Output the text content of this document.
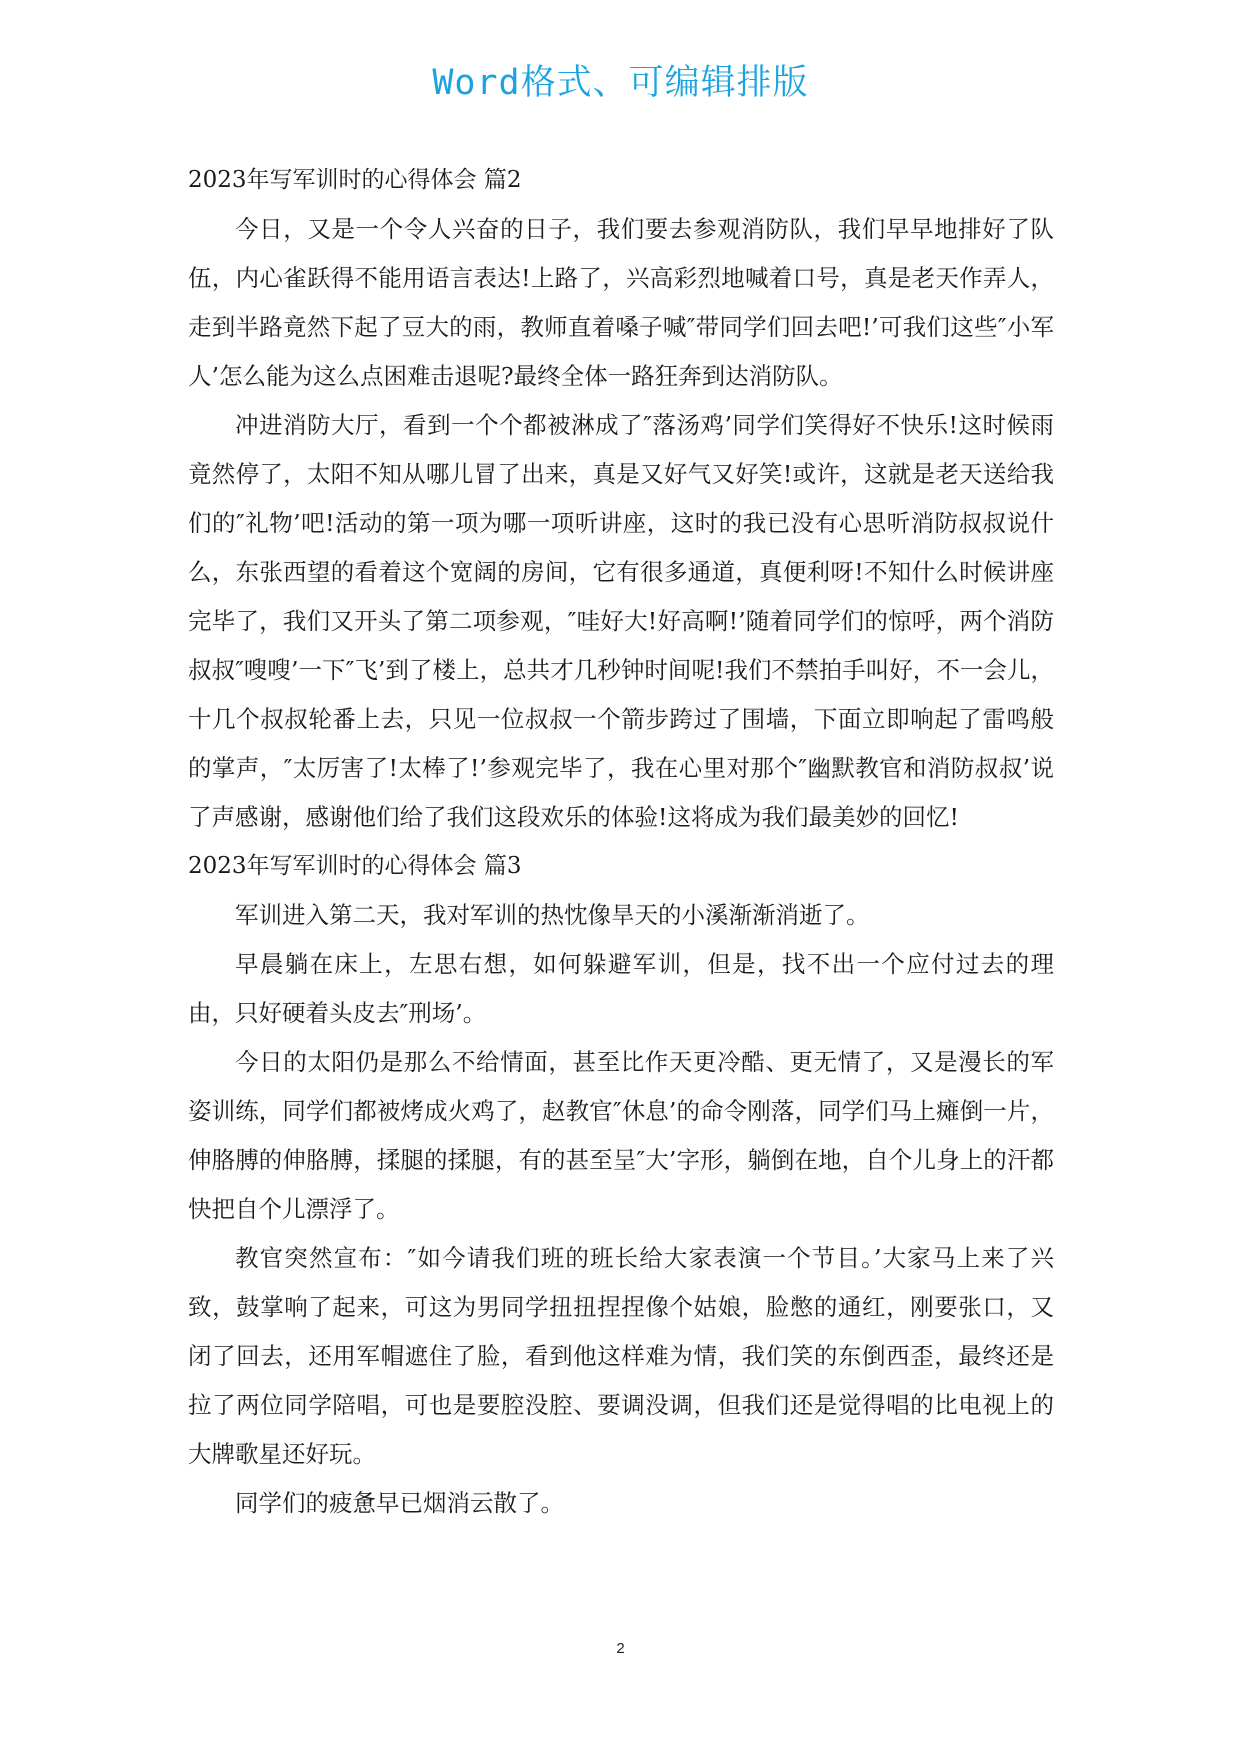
Word格式、可编辑排版
2023年写军训时的心得体会 篇2

今日，又是一个令人兴奋的日子，我们要去参观消防队，我们早早地排好了队伍，内心雀跃得不能用语言表达!上路了，兴高彩烈地喊着口号，真是老天作弄人，走到半路竟然下起了豆大的雨，教师直着嗓子喊″带同学们回去吧!’可我们这些″小军人’怎么能为这么点困难击退呢?最终全体一路狂奔到达消防队。

冲进消防大厅，看到一个个都被淋成了″落汤鸡’同学们笑得好不快乐!这时候雨竟然停了，太阳不知从哪儿冒了出来，真是又好气又好笑!或许，这就是老天送给我们的″礼物’吧!活动的第一项为哪一项听讲座，这时的我已没有心思听消防叔叔说什么，东张西望的看着这个宽阔的房间，它有很多通道，真便利呀!不知什么时候讲座完毕了，我们又开头了第二项参观，″哇好大!好高啊!’随着同学们的惊呼，两个消防叔叔″嗖嗖’一下″飞’到了楼上，总共才几秒钟时间呢!我们不禁拍手叫好，不一会儿，十几个叔叔轮番上去，只见一位叔叔一个箭步跨过了围墙，下面立即响起了雷鸣般的掌声，″太厉害了!太棒了!’参观完毕了，我在心里对那个″幽默教官和消防叔叔’说了声感谢，感谢他们给了我们这段欢乐的体验!这将成为我们最美妙的回忆!

2023年写军训时的心得体会 篇3

军训进入第二天，我对军训的热忱像旱天的小溪渐渐消逝了。

早晨躺在床上，左思右想，如何躲避军训，但是，找不出一个应付过去的理由，只好硬着头皮去″刑场’。

今日的太阳仍是那么不给情面，甚至比作天更冷酷、更无情了，又是漫长的军姿训练，同学们都被烤成火鸡了，赵教官″休息’的命令刚落，同学们马上瘫倒一片，伸胳膊的伸胳膊，揉腿的揉腿，有的甚至呈″大’字形，躺倒在地，自个儿身上的汗都快把自个儿漂浮了。

教官突然宣布：″如今请我们班的班长给大家表演一个节目。’大家马上来了兴致，鼓掌响了起来，可这为男同学扭扭捏捏像个姑娘，脸憋的通红，刚要张口，又闭了回去，还用军帽遮住了脸，看到他这样难为情，我们笑的东倒西歪，最终还是拉了两位同学陪唱，可也是要腔没腔、要调没调，但我们还是觉得唱的比电视上的大牌歌星还好玩。

同学们的疲惫早已烟消云散了。

2
